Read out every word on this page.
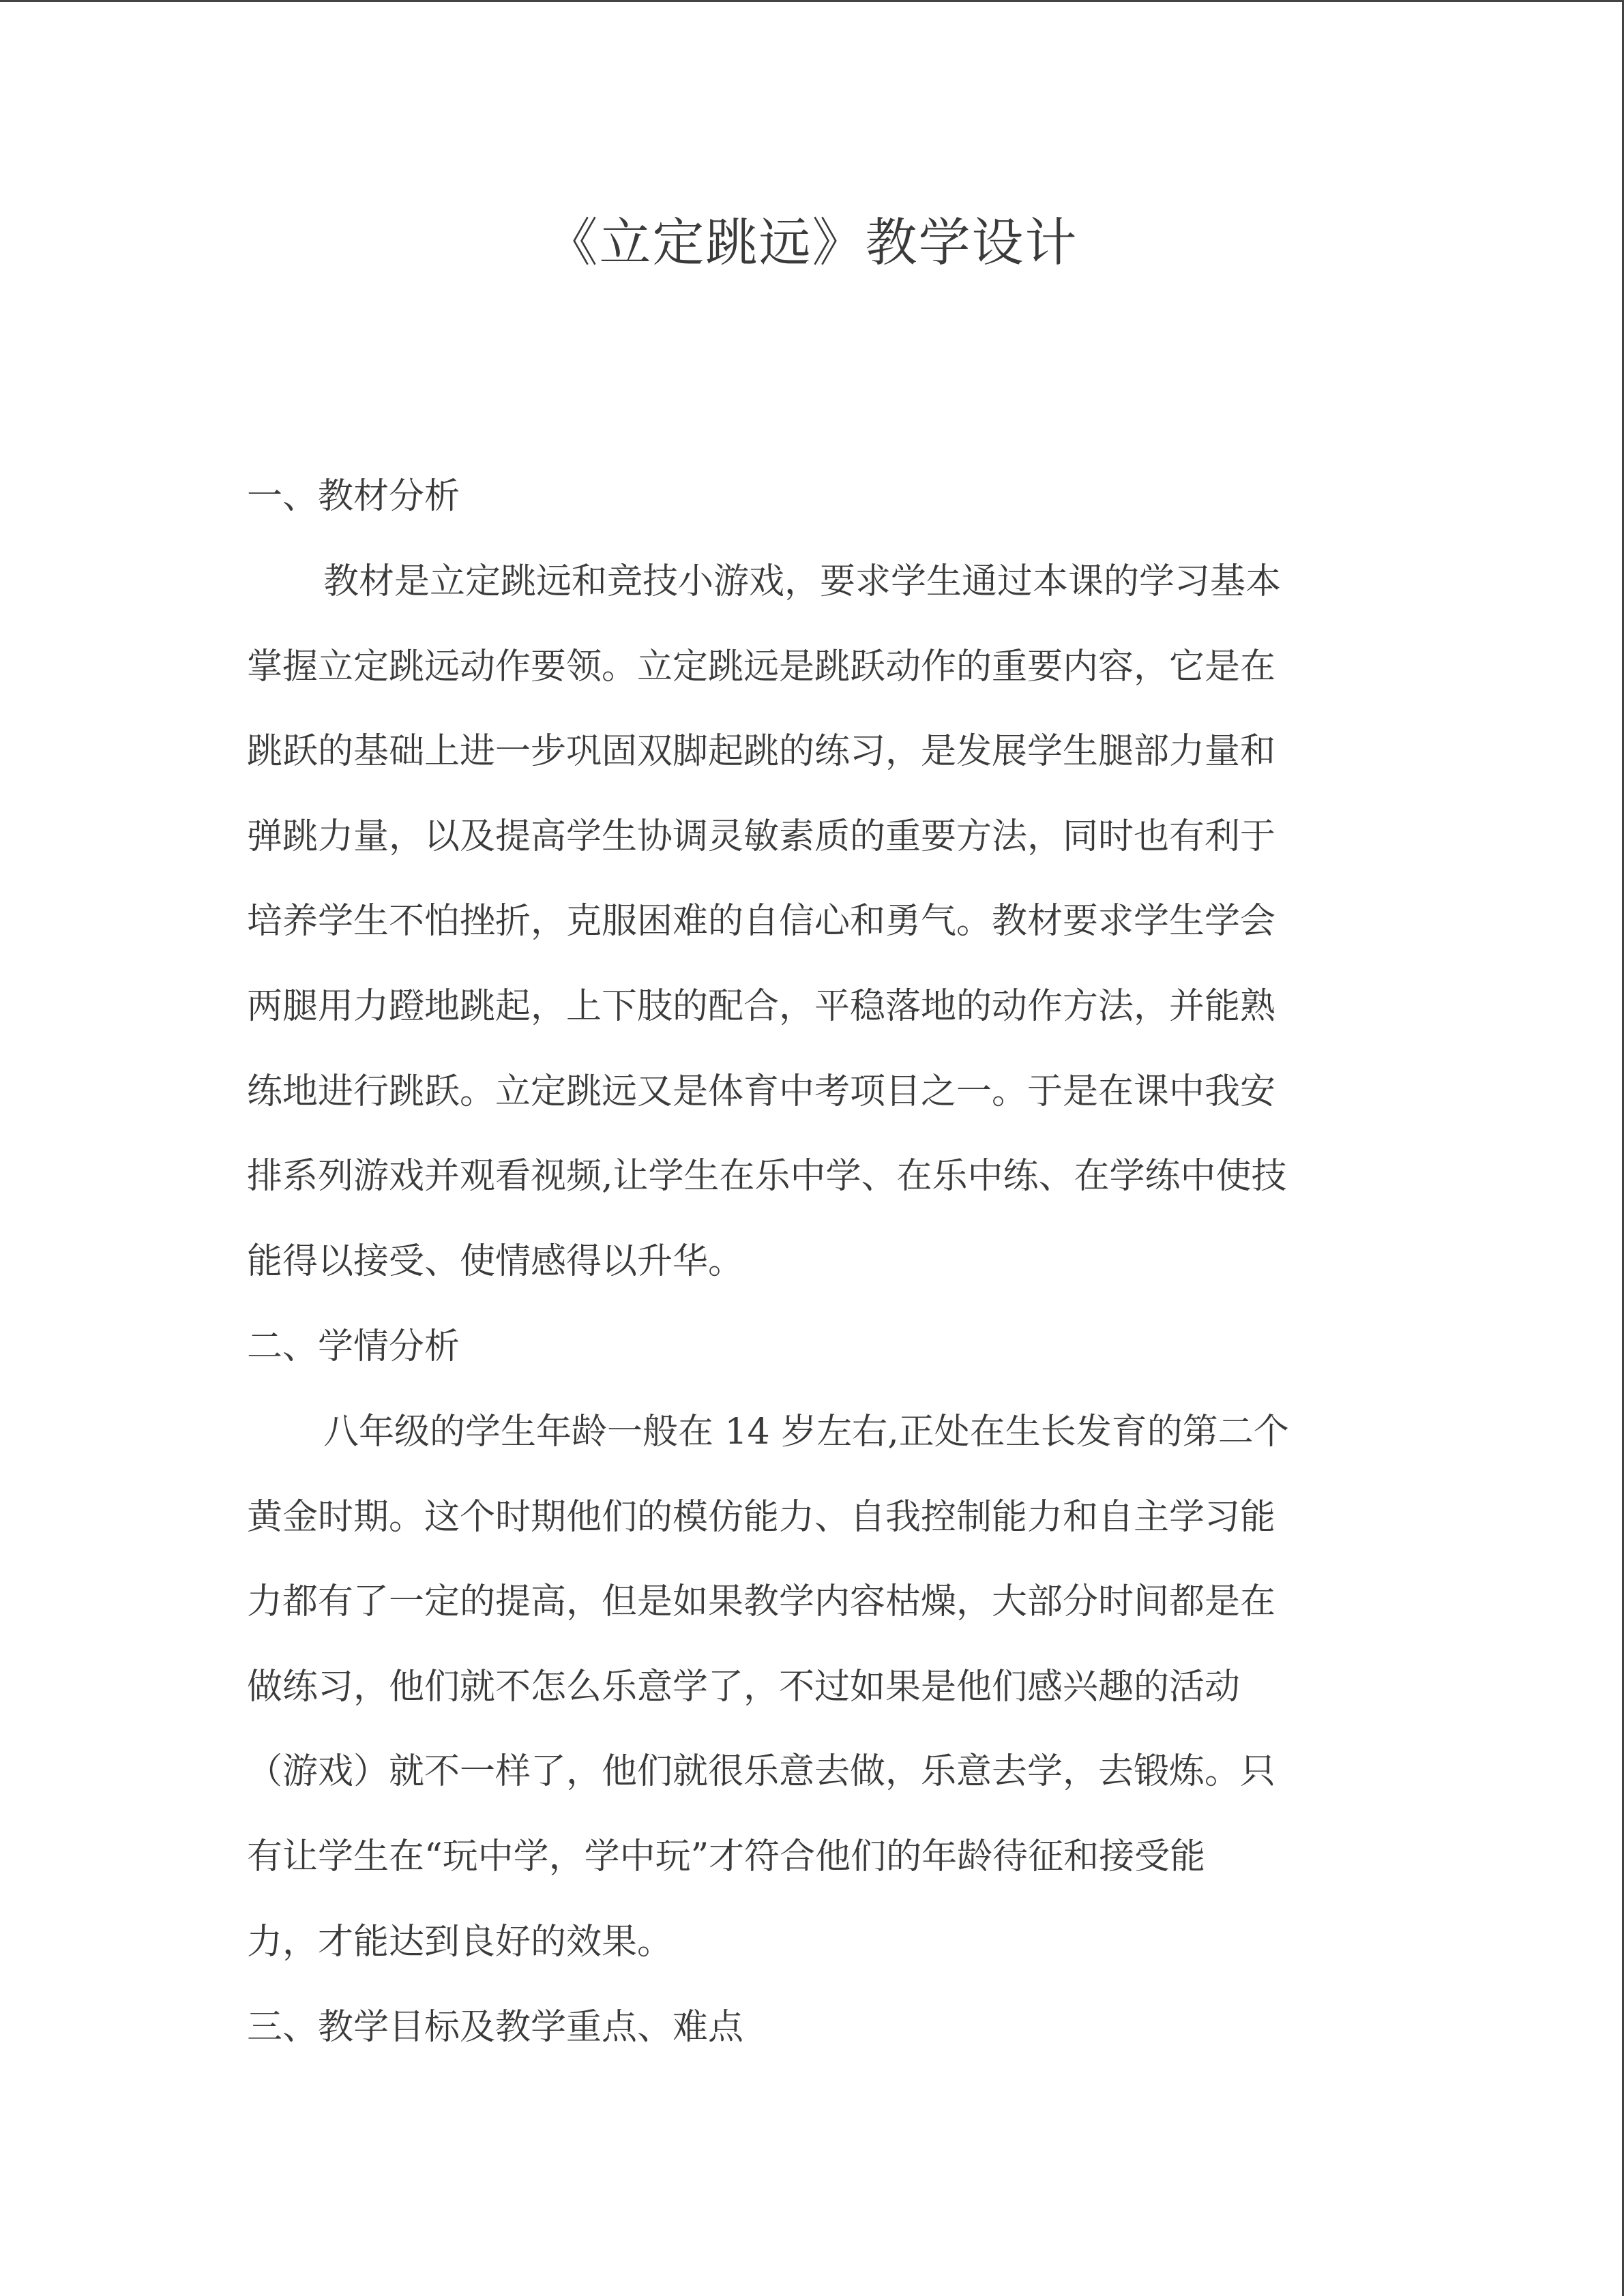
《立定跳远》教学设计
一、教材分析
教材是立定跳远和竞技小游戏，要求学生通过本课的学习基本
掌握立定跳远动作要领。立定跳远是跳跃动作的重要内容，它是在
跳跃的基础上进一步巩固双脚起跳的练习，是发展学生腿部力量和
弹跳力量，以及提高学生协调灵敏素质的重要方法，同时也有利于
培养学生不怕挫折，克服困难的自信心和勇气。教材要求学生学会
两腿用力蹬地跳起，上下肢的配合，平稳落地的动作方法，并能熟
练地进行跳跃。立定跳远又是体育中考项目之一。于是在课中我安
排系列游戏并观看视频,让学生在乐中学、在乐中练、在学练中使技
能得以接受、使情感得以升华。
二、学情分析
八年级的学生年龄一般在 14 岁左右,正处在生长发育的第二个
黄金时期。这个时期他们的模仿能力、自我控制能力和自主学习能
力都有了一定的提高，但是如果教学内容枯燥，大部分时间都是在
做练习，他们就不怎么乐意学了，不过如果是他们感兴趣的活动
（游戏）就不一样了，他们就很乐意去做，乐意去学，去锻炼。只
有让学生在“玩中学，学中玩”才符合他们的年龄待征和接受能
力，才能达到良好的效果。
三、教学目标及教学重点、难点
